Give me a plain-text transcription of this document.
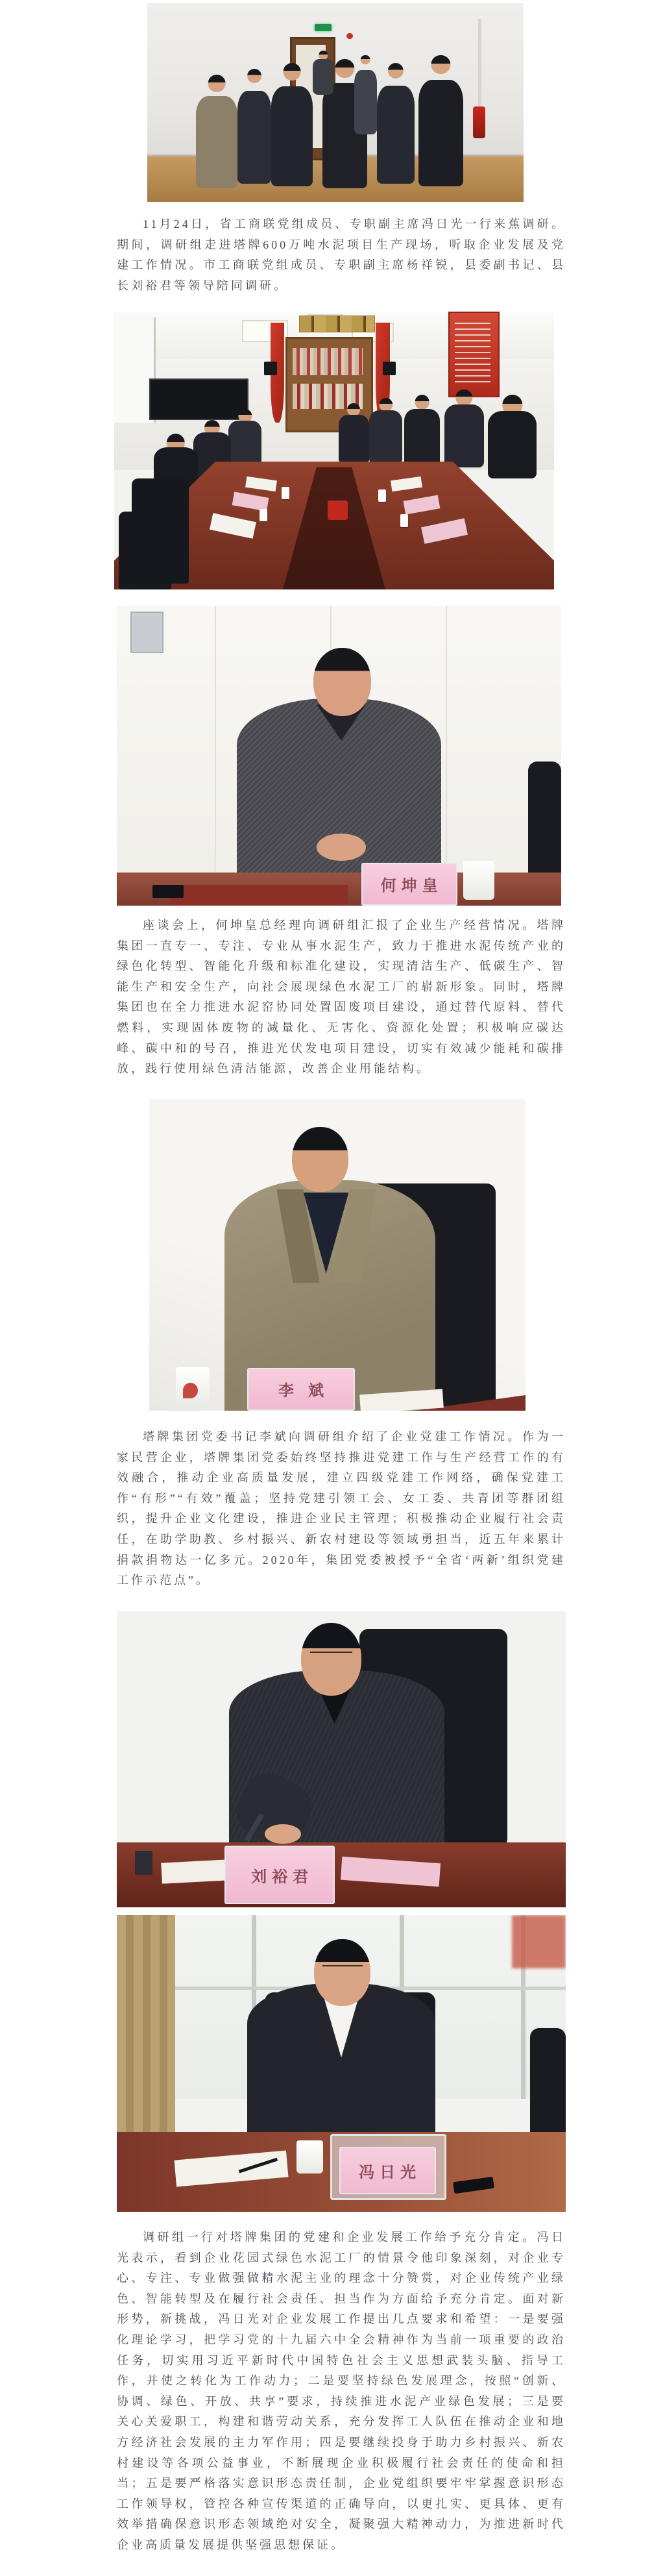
11月24日，省工商联党组成员、专职副主席冯日光一行来蕉调研。期间，调研组走进塔牌600万吨水泥项目生产现场，听取企业发展及党建工作情况。市工商联党组成员、专职副主席杨祥锐，县委副书记、县长刘裕君等领导陪同调研。

何坤皇

座谈会上，何坤皇总经理向调研组汇报了企业生产经营情况。塔牌集团一直专一、专注、专业从事水泥生产，致力于推进水泥传统产业的绿色化转型、智能化升级和标准化建设，实现清洁生产、低碳生产、智能生产和安全生产，向社会展现绿色水泥工厂的崭新形象。同时，塔牌集团也在全力推进水泥窑协同处置固废项目建设，通过替代原料、替代燃料，实现固体废物的减量化、无害化、资源化处置；积极响应碳达峰、碳中和的号召，推进光伏发电项目建设，切实有效减少能耗和碳排放，践行使用绿色清洁能源，改善企业用能结构。

李 斌

塔牌集团党委书记李斌向调研组介绍了企业党建工作情况。作为一家民营企业，塔牌集团党委始终坚持推进党建工作与生产经营工作的有效融合，推动企业高质量发展，建立四级党建工作网络，确保党建工作“有形”“有效”覆盖；坚持党建引领工会、女工委、共青团等群团组织，提升企业文化建设，推进企业民主管理；积极推动企业履行社会责任，在助学助教、乡村振兴、新农村建设等领域勇担当，近五年来累计捐款捐物达一亿多元。2020年，集团党委被授予“全省‘两新’组织党建工作示范点”。

刘裕君
冯日光

调研组一行对塔牌集团的党建和企业发展工作给予充分肯定。冯日光表示，看到企业花园式绿色水泥工厂的情景令他印象深刻，对企业专心、专注、专业做强做精水泥主业的理念十分赞赏，对企业传统产业绿色、智能转型及在履行社会责任、担当作为方面给予充分肯定。面对新形势，新挑战，冯日光对企业发展工作提出几点要求和希望：一是要强化理论学习，把学习党的十九届六中全会精神作为当前一项重要的政治任务，切实用习近平新时代中国特色社会主义思想武装头脑、指导工作，并使之转化为工作动力；二是要坚持绿色发展理念，按照“创新、协调、绿色、开放、共享”要求，持续推进水泥产业绿色发展；三是要关心关爱职工，构建和谐劳动关系，充分发挥工人队伍在推动企业和地方经济社会发展的主力军作用；四是要继续投身于助力乡村振兴、新农村建设等各项公益事业，不断展现企业积极履行社会责任的使命和担当；五是要严格落实意识形态责任制，企业党组织要牢牢掌握意识形态工作领导权，管控各种宣传渠道的正确导向，以更扎实、更具体、更有效举措确保意识形态领域绝对安全，凝聚强大精神动力，为推进新时代企业高质量发展提供坚强思想保证。
